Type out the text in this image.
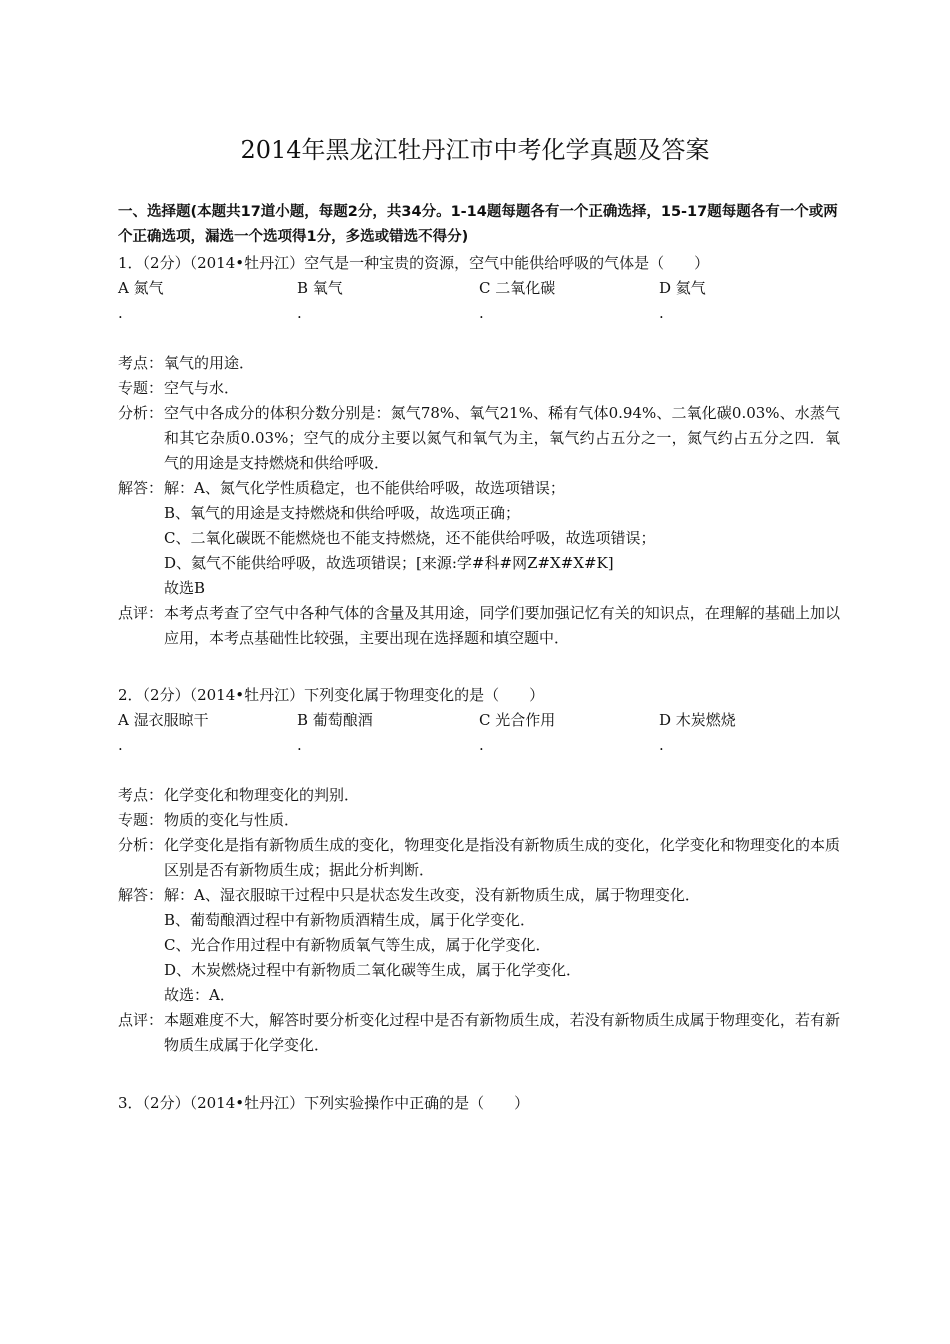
2014年黑龙江牡丹江市中考化学真题及答案
一、选择题(本题共17道小题，每题2分，共34分。1-14题每题各有一个正确选择，15-17题每题各有一个或两个正确选项，漏选一个选项得1分，多选或错选不得分)
1．（2分）（2014•牡丹江）空气是一种宝贵的资源，空气中能供给呼吸的气体是（　　）
A 氮气
.
B 氧气
.
C 二氧化碳
.
D 氦气
.
考点： 氧气的用途．
专题： 空气与水．
分析： 空气中各成分的体积分数分别是：氮气78%、氧气21%、稀有气体0.94%、二氧化碳0.03%、水蒸气和其它杂质0.03%；空气的成分主要以氮气和氧气为主，氧气约占五分之一，氮气约占五分之四．氧气的用途是支持燃烧和供给呼吸．
解答： 解：A、氮气化学性质稳定，也不能供给呼吸，故选项错误；
B、氧气的用途是支持燃烧和供给呼吸，故选项正确；
C、二氧化碳既不能燃烧也不能支持燃烧，还不能供给呼吸，故选项错误；
D、氦气不能供给呼吸，故选项错误；[来源:学#科#网Z#X#X#K]
故选B
点评： 本考点考查了空气中各种气体的含量及其用途，同学们要加强记忆有关的知识点，在理解的基础上加以应用，本考点基础性比较强，主要出现在选择题和填空题中．
2．（2分）（2014•牡丹江）下列变化属于物理变化的是（　　）
A 湿衣服晾干
.
B 葡萄酿酒
.
C 光合作用
.
D 木炭燃烧
.
考点： 化学变化和物理变化的判别．
专题： 物质的变化与性质．
分析： 化学变化是指有新物质生成的变化，物理变化是指没有新物质生成的变化，化学变化和物理变化的本质区别是否有新物质生成；据此分析判断．
解答： 解：A、湿衣服晾干过程中只是状态发生改变，没有新物质生成，属于物理变化．
B、葡萄酿酒过程中有新物质酒精生成，属于化学变化．
C、光合作用过程中有新物质氧气等生成，属于化学变化．
D、木炭燃烧过程中有新物质二氧化碳等生成，属于化学变化．
故选：A．
点评： 本题难度不大，解答时要分析变化过程中是否有新物质生成，若没有新物质生成属于物理变化，若有新物质生成属于化学变化．
3．（2分）（2014•牡丹江）下列实验操作中正确的是（　　）
